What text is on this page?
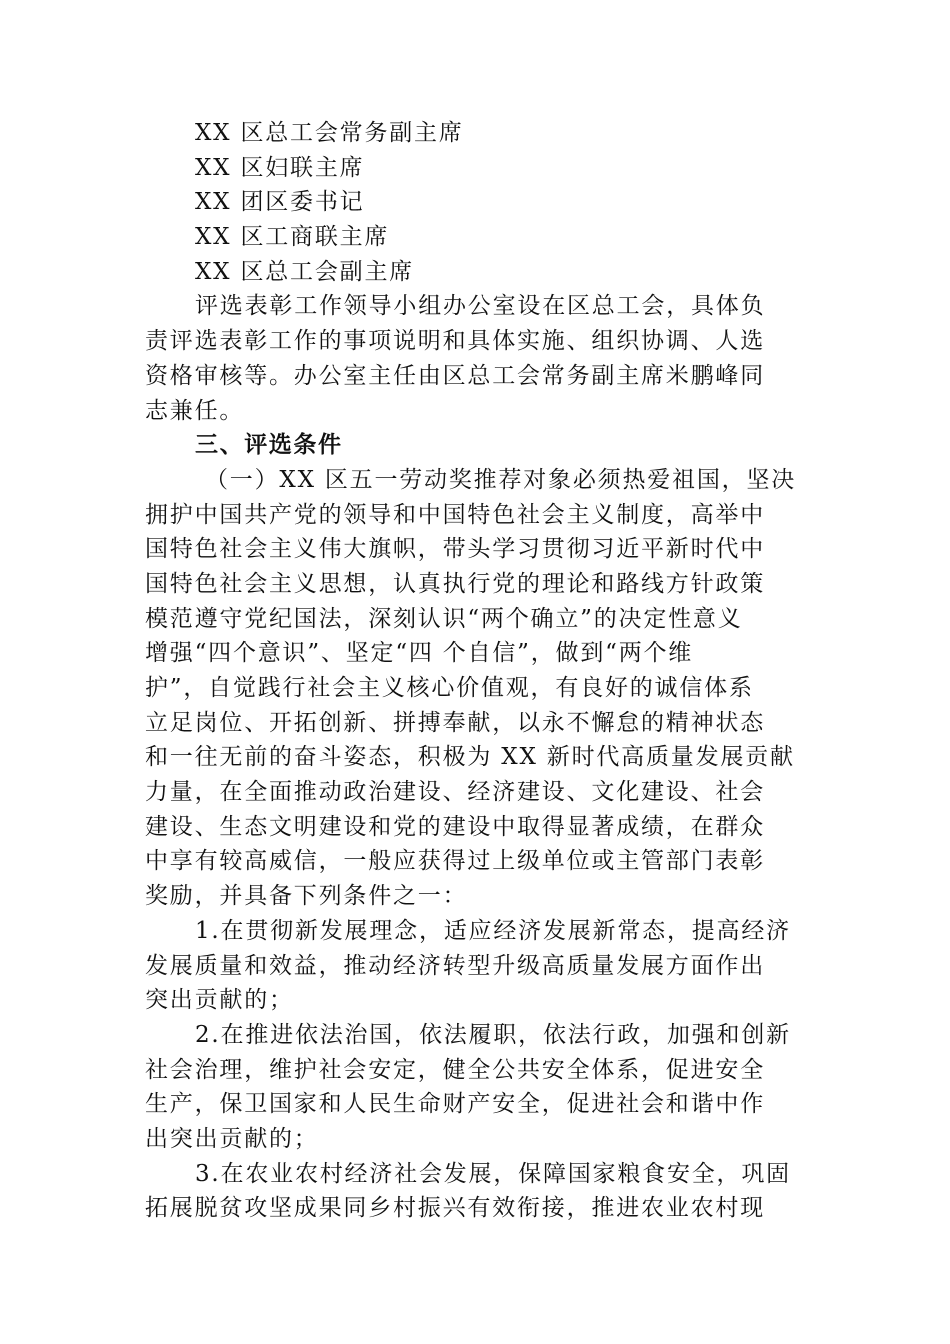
XX 区总工会常务副主席
XX 区妇联主席
XX 团区委书记
XX 区工商联主席
XX 区总工会副主席
评选表彰工作领导小组办公室设在区总工会，具体负
责评选表彰工作的事项说明和具体实施、组织协调、人选
资格审核等。办公室主任由区总工会常务副主席米鹏峰同
志兼任。
三、评选条件
（一）XX 区五一劳动奖推荐对象必须热爱祖国，坚决
拥护中国共产党的领导和中国特色社会主义制度，高举中
国特色社会主义伟大旗帜，带头学习贯彻习近平新时代中
国特色社会主义思想，认真执行党的理论和路线方针政策
模范遵守党纪国法，深刻认识“两个确立”的决定性意义
增强“四个意识”、坚定“四 个自信”，做到“两个维
护”，自觉践行社会主义核心价值观，有良好的诚信体系
立足岗位、开拓创新、拼搏奉献，以永不懈怠的精神状态
和一往无前的奋斗姿态，积极为 XX 新时代高质量发展贡献
力量，在全面推动政治建设、经济建设、文化建设、社会
建设、生态文明建设和党的建设中取得显著成绩，在群众
中享有较高威信，一般应获得过上级单位或主管部门表彰
奖励，并具备下列条件之一：
1.在贯彻新发展理念，适应经济发展新常态，提高经济
发展质量和效益，推动经济转型升级高质量发展方面作出
突出贡献的；
2.在推进依法治国，依法履职，依法行政，加强和创新
社会治理，维护社会安定，健全公共安全体系，促进安全
生产，保卫国家和人民生命财产安全，促进社会和谐中作
出突出贡献的；
3.在农业农村经济社会发展，保障国家粮食安全，巩固
拓展脱贫攻坚成果同乡村振兴有效衔接，推进农业农村现
